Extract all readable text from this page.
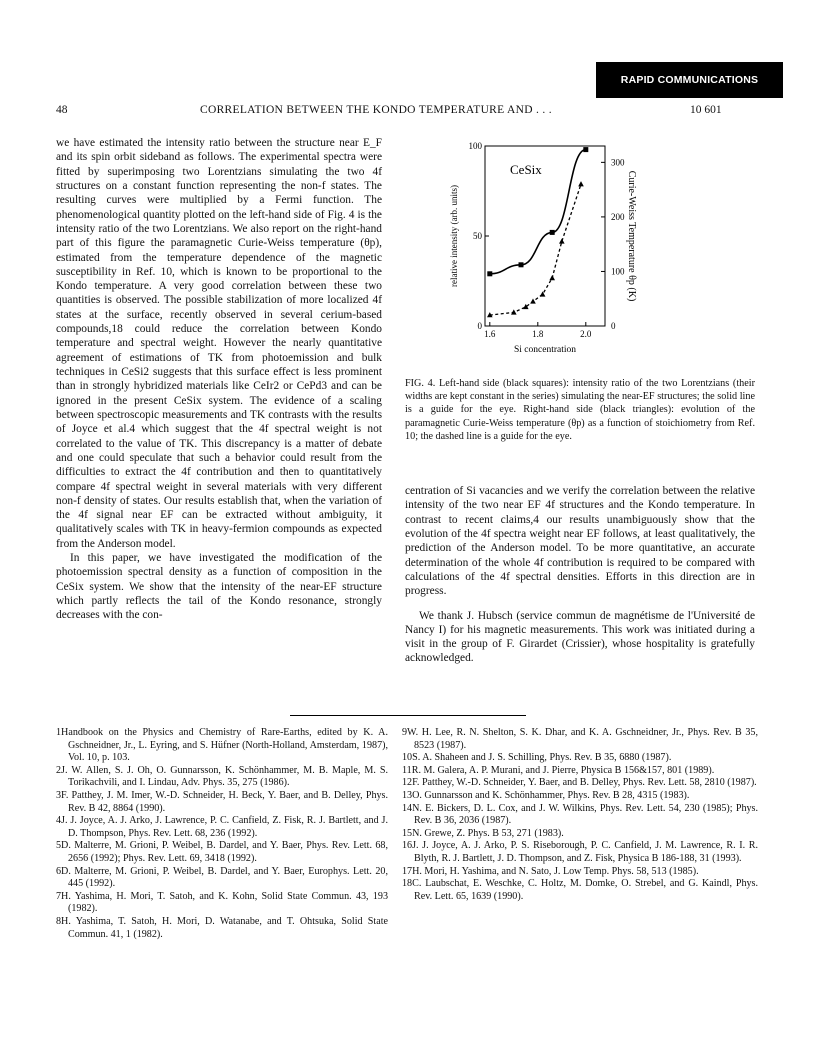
RAPID COMMUNICATIONS
48	CORRELATION BETWEEN THE KONDO TEMPERATURE AND . . .	10 601

we have estimated the intensity ratio between the structure near E_F and its spin orbit sideband as follows. The experimental spectra were fitted by superimposing two Lorentzians simulating the two 4f structures on a constant function representing the non-f states. The resulting curves were multiplied by a Fermi function. The phenomenological quantity plotted on the left-hand side of Fig. 4 is the intensity ratio of the two Lorentzians. We also report on the right-hand part of this figure the paramagnetic Curie-Weiss temperature (θp), estimated from the temperature dependence of the magnetic susceptibility in Ref. 10, which is known to be proportional to the Kondo temperature. A very good correlation between these two quantities is observed. The possible stabilization of more localized 4f states at the surface, recently observed in several cerium-based compounds,18 could reduce the correlation between Kondo temperature and spectral weight. However the nearly quantitative agreement of estimations of TK from photoemission and bulk techniques in CeSi2 suggests that this surface effect is less prominent than in strongly hybridized materials like CeIr2 or CePd3 and can be ignored in the present CeSix system. The evidence of a scaling between spectroscopic measurements and TK contrasts with the results of Joyce et al.4 which suggest that the 4f spectral weight is not correlated to the value of TK. This discrepancy is a matter of debate and one could speculate that such a behavior could result from the difficulties to extract the 4f contribution and then to quantitatively compare 4f spectral weight in several materials with very different non-f density of states. Our results establish that, when the variation of the 4f signal near EF can be extracted without ambiguity, it qualitatively scales with TK in heavy-fermion compounds as expected from the Anderson model.

In this paper, we have investigated the modification of the photoemission spectral density as a function of composition in the CeSix system. We show that the intensity of the near-EF structure which partly reflects the tail of the Kondo resonance, strongly decreases with the con-

1.6	1.8	2.0
0
50
100
0
100
200
300
Si concentration
relative intensity (arb. units)	Curie-Weiss Temperature θp (K)
CeSix

FIG. 4. Left-hand side (black squares): intensity ratio of the two Lorentzians (their widths are kept constant in the series) simulating the near-EF structures; the solid line is a guide for the eye. Right-hand side (black triangles): evolution of the paramagnetic Curie-Weiss temperature (θp) as a function of stoichiometry from Ref. 10; the dashed line is a guide for the eye.

centration of Si vacancies and we verify the correlation between the relative intensity of the two near EF 4f structures and the Kondo temperature. In contrast to recent claims,4 our results unambiguously show that the evolution of the 4f spectra weight near EF follows, at least qualitatively, the prediction of the Anderson model. To be more quantitative, an accurate determination of the whole 4f contribution is required to be compared with calculations of the 4f spectral densities. Efforts in this direction are in progress.

We thank J. Hubsch (service commun de magnétisme de l'Université de Nancy I) for his magnetic measurements. This work was initiated during a visit in the group of F. Girardet (Crissier), whose hospitality is gratefully acknowledged.

1Handbook on the Physics and Chemistry of Rare-Earths, edited by K. A. Gschneidner, Jr., L. Eyring, and S. Hüfner (North-Holland, Amsterdam, 1987), Vol. 10, p. 103.

2J. W. Allen, S. J. Oh, O. Gunnarsson, K. Schönhammer, M. B. Maple, M. S. Torikachvili, and I. Lindau, Adv. Phys. 35, 275 (1986).

3F. Patthey, J. M. Imer, W.-D. Schneider, H. Beck, Y. Baer, and B. Delley, Phys. Rev. B 42, 8864 (1990).

4J. J. Joyce, A. J. Arko, J. Lawrence, P. C. Canfield, Z. Fisk, R. J. Bartlett, and J. D. Thompson, Phys. Rev. Lett. 68, 236 (1992).

5D. Malterre, M. Grioni, P. Weibel, B. Dardel, and Y. Baer, Phys. Rev. Lett. 68, 2656 (1992); Phys. Rev. Lett. 69, 3418 (1992).

6D. Malterre, M. Grioni, P. Weibel, B. Dardel, and Y. Baer, Europhys. Lett. 20, 445 (1992).

7H. Yashima, H. Mori, T. Satoh, and K. Kohn, Solid State Commun. 43, 193 (1982).

8H. Yashima, T. Satoh, H. Mori, D. Watanabe, and T. Ohtsuka, Solid State Commun. 41, 1 (1982).

9W. H. Lee, R. N. Shelton, S. K. Dhar, and K. A. Gschneidner, Jr., Phys. Rev. B 35, 8523 (1987).

10S. A. Shaheen and J. S. Schilling, Phys. Rev. B 35, 6880 (1987).

11R. M. Galera, A. P. Murani, and J. Pierre, Physica B 156&157, 801 (1989).

12F. Patthey, W.-D. Schneider, Y. Baer, and B. Delley, Phys. Rev. Lett. 58, 2810 (1987).

13O. Gunnarsson and K. Schönhammer, Phys. Rev. B 28, 4315 (1983).

14N. E. Bickers, D. L. Cox, and J. W. Wilkins, Phys. Rev. Lett. 54, 230 (1985); Phys. Rev. B 36, 2036 (1987).

15N. Grewe, Z. Phys. B 53, 271 (1983).

16J. J. Joyce, A. J. Arko, P. S. Riseborough, P. C. Canfield, J. M. Lawrence, R. I. R. Blyth, R. J. Bartlett, J. D. Thompson, and Z. Fisk, Physica B 186-188, 31 (1993).

17H. Mori, H. Yashima, and N. Sato, J. Low Temp. Phys. 58, 513 (1985).

18C. Laubschat, E. Weschke, C. Holtz, M. Domke, O. Strebel, and G. Kaindl, Phys. Rev. Lett. 65, 1639 (1990).
